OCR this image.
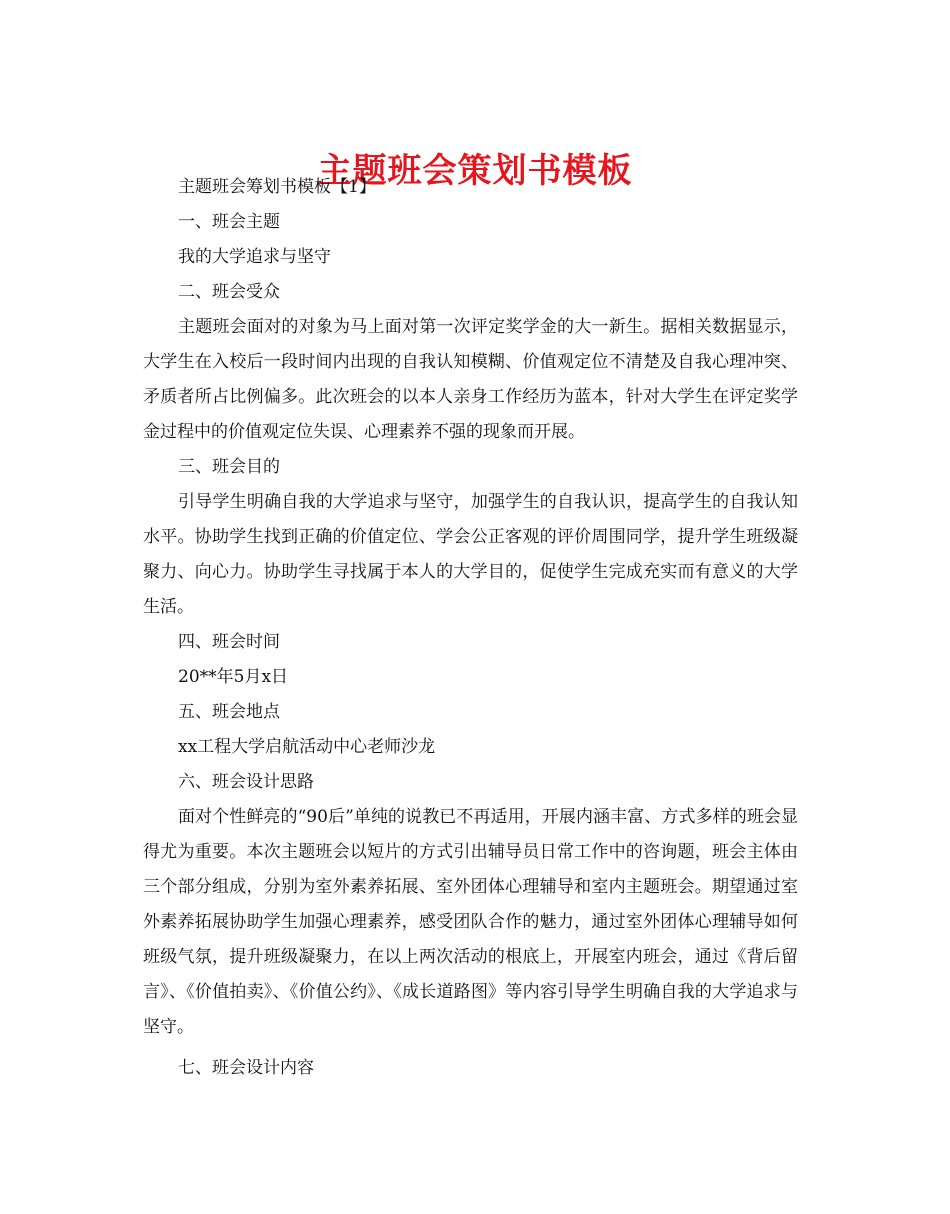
主题班会策划书模板

主题班会筹划书模板【1】

一、班会主题

我的大学追求与坚守

二、班会受众

主题班会面对的对象为马上面对第一次评定奖学金的大一新生。据相关数据显示，大学生在入校后一段时间内出现的自我认知模糊、价值观定位不清楚及自我心理冲突、矛质者所占比例偏多。此次班会的以本人亲身工作经历为蓝本，针对大学生在评定奖学金过程中的价值观定位失误、心理素养不强的现象而开展。

三、班会目的

引导学生明确自我的大学追求与坚守，加强学生的自我认识，提高学生的自我认知水平。协助学生找到正确的价值定位、学会公正客观的评价周围同学，提升学生班级凝聚力、向心力。协助学生寻找属于本人的大学目的，促使学生完成充实而有意义的大学生活。

四、班会时间

20**年5月x日

五、班会地点

xx工程大学启航活动中心老师沙龙

六、班会设计思路

面对个性鲜亮的“90后”单纯的说教已不再适用，开展内涵丰富、方式多样的班会显得尤为重要。本次主题班会以短片的方式引出辅导员日常工作中的咨询题，班会主体由三个部分组成，分别为室外素养拓展、室外团体心理辅导和室内主题班会。期望通过室外素养拓展协助学生加强心理素养，感受团队合作的魅力，通过室外团体心理辅导如何班级气氛，提升班级凝聚力，在以上两次活动的根底上，开展室内班会，通过《背后留言》、《价值拍卖》、《价值公约》、《成长道路图》等内容引导学生明确自我的大学追求与坚守。

七、班会设计内容
